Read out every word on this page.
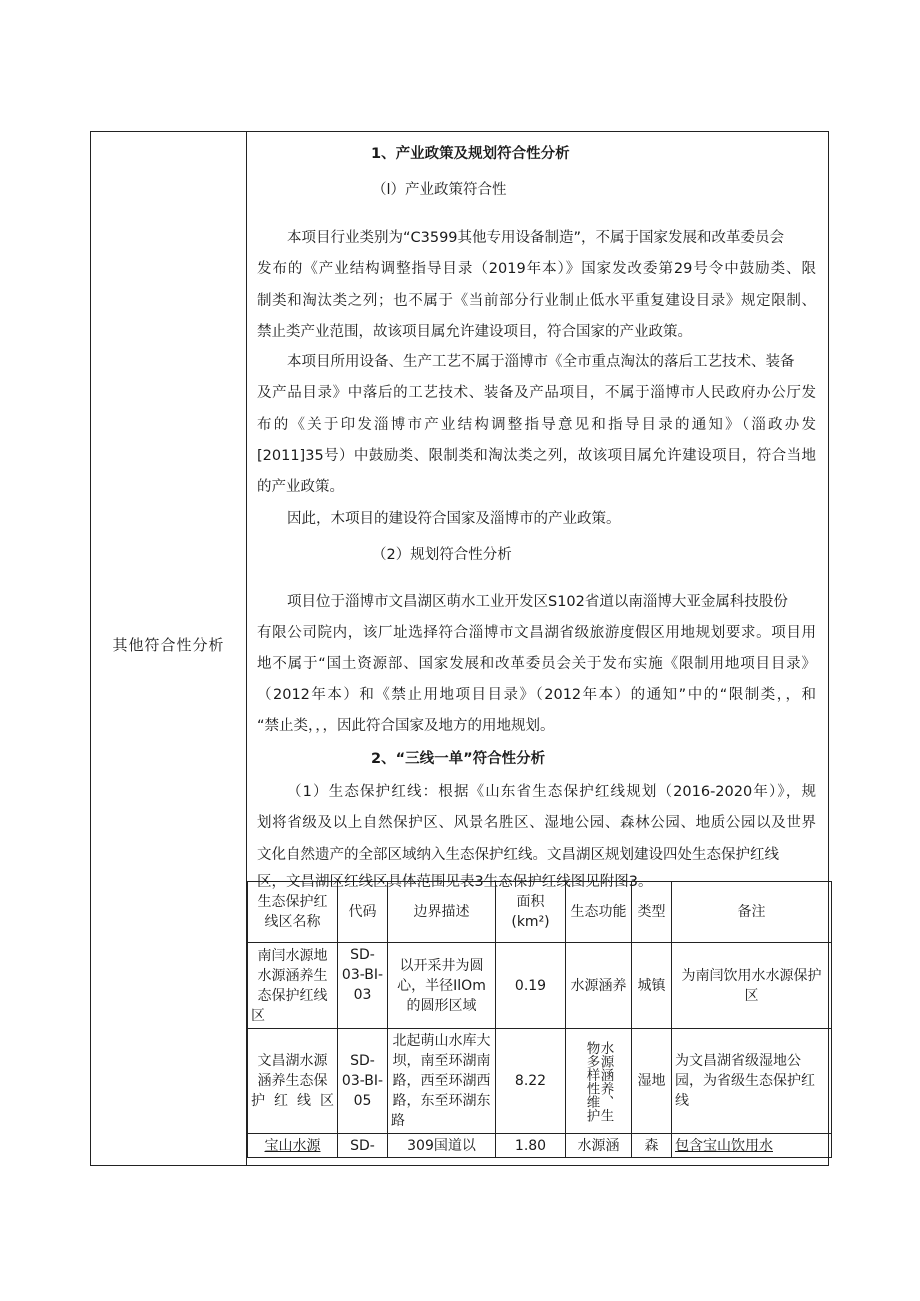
其他符合性分析
1、产业政策及规划符合性分析
（l）产业政策符合性
本项目行业类别为“C3599其他专用设备制造”，不属于国家发展和改革委员会
发布的《产业结构调整指导目录（2019年本）》国家发改委第29号令中鼓励类、限
制类和淘汰类之列；也不属于《当前部分行业制止低水平重复建设目录》规定限制、
禁止类产业范围，故该项目属允许建设项目，符合国家的产业政策。
本项目所用设备、生产工艺不属于淄博市《全市重点淘汰的落后工艺技术、装备
及产品目录》中落后的工艺技术、装备及产品项目，不属于淄博市人民政府办公厅发
布的《关于印发淄博市产业结构调整指导意见和指导目录的通知》（淄政办发
[2011]35号）中鼓励类、限制类和淘汰类之列，故该项目属允许建设项目，符合当地
的产业政策。
因此，木项目的建设符合国家及淄博市的产业政策。
（2）规划符合性分析
项目位于淄博市文昌湖区萌水工业开发区S102省道以南淄博大亚金属科技股份
有限公司院内，该厂址选择符合淄博市文昌湖省级旅游度假区用地规划要求。项目用
地不属于“国土资源部、国家发展和改革委员会关于发布实施《限制用地项目目录》
（2012年本）和《禁止用地项目目录》（2012年本）的通知”中的“限制类，，和
“禁止类，，，因此符合国家及地方的用地规划。
2、“三线一单”符合性分析
（1）生态保护红线：根据《山东省生态保护红线规划（2016-2020年）》，规
划将省级及以上自然保护区、风景名胜区、湿地公园、森林公园、地质公园以及世界
文化自然遗产的全部区域纳入生态保护红线。文昌湖区规划建设四处生态保护红线
区，文昌湖区红线区具体范围见表3生态保护红线图见附图3。
生态保护红线区名称	代码	边界描述	面积(km²)	生态功能	类型	备注
南闫水源地水源涵养生态保护红线区	SD-03-BI-03	以开采井为圆心，半径IlOm的圆形区域	0.19	水源涵养	城镇	为南闫饮用水水源保护区
文昌湖水源涵养生态保护红线区	SD-03-BI-05	北起萌山水库大坝，南至环湖南路，西至环湖西路，东至环湖东路	8.22	水源涵养、生物多样性维护	湿地	为文昌湖省级湿地公园，为省级生态保护红线

宝山水源	SD-	309国道以	1.80	水源涵	森	包含宝山饮用水
